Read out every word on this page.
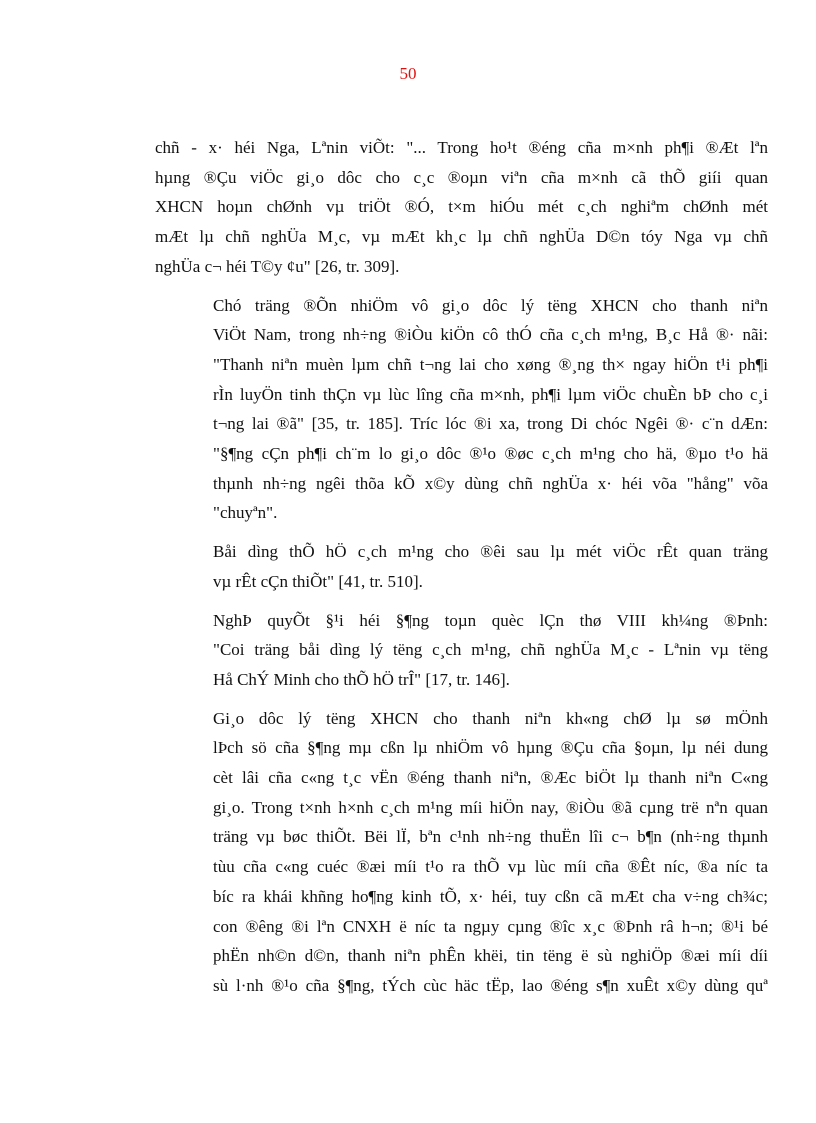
50
chñ - x· héi Nga, Lªnin viÕt: "... Trong ho¹t ®éng cña m×nh ph¶i ®Æt lªn
hµng ®Çu viÖc gi¸o dôc cho c¸c ®oµn viªn cña m×nh cã thÕ giíi quan
XHCN hoµn chØnh vµ triÖt ®Ó, t×m hiÓu mét c¸ch nghiªm chØnh mét
mÆt lµ chñ nghÜa M¸c, vµ mÆt kh¸c lµ chñ nghÜa D©n tóy Nga vµ chñ
nghÜa c¬ héi T©y ¢u" [26, tr. 309].
Chó träng ®Õn nhiÖm vô gi¸o dôc lý tëng XHCN cho thanh niªn
ViÖt Nam, trong nh÷ng ®iÒu kiÖn cô thÓ cña c¸ch m¹ng, B¸c Hå ®· nãi:
"Thanh niªn muèn lµm chñ t¬ng lai cho xøng ®¸ng th× ngay hiÖn t¹i ph¶i
rÌn luyÖn tinh thÇn vµ lùc lîng cña m×nh, ph¶i lµm viÖc chuÈn bÞ cho c¸i
t¬ng lai ®ã" [35, tr. 185]. Tríc lóc ®i xa, trong Di chóc Ngêi ®· c¨n dÆn:
"§¶ng cÇn ph¶i ch¨m lo gi¸o dôc ®¹o ®øc c¸ch m¹ng cho hä, ®µo t¹o hä
thµnh nh÷ng ngêi thõa kÕ x©y dùng chñ nghÜa x· héi võa "hång" võa
"chuyªn".
Båi dìng thÕ hÖ c¸ch m¹ng cho ®êi sau lµ mét viÖc rÊt quan träng
vµ rÊt cÇn thiÕt" [41, tr. 510].
NghÞ quyÕt §¹i héi §¶ng toµn quèc lÇn thø VIII kh¼ng ®Þnh:
"Coi träng båi dìng lý tëng c¸ch m¹ng, chñ nghÜa M¸c - Lªnin vµ tëng
Hå ChÝ Minh cho thÕ hÖ trÎ" [17, tr. 146].
Gi¸o dôc lý tëng XHCN cho thanh niªn kh«ng chØ lµ sø mÖnh
lÞch sö cña §¶ng mµ cßn lµ nhiÖm vô hµng ®Çu cña §oµn, lµ néi dung
cèt lâi cña c«ng t¸c vËn ®éng thanh niªn, ®Æc biÖt lµ thanh niªn C«ng
gi¸o. Trong t×nh h×nh c¸ch m¹ng míi hiÖn nay, ®iÒu ®ã cµng trë nªn quan
träng vµ bøc thiÕt. Bëi lÏ, bªn c¹nh nh÷ng thuËn lîi c¬ b¶n (nh÷ng thµnh
tùu cña c«ng cuéc ®æi míi t¹o ra thÕ vµ lùc míi cña ®Êt níc, ®a níc ta
bíc ra khái khñng ho¶ng kinh tÕ, x· héi, tuy cßn cã mÆt cha v÷ng ch¾c;
con ®êng ®i lªn CNXH ë níc ta ngµy cµng ®îc x¸c ®Þnh râ h¬n; ®¹i bé
phËn nh©n d©n, thanh niªn phÊn khëi, tin tëng ë sù nghiÖp ®æi míi díi
sù l·nh ®¹o cña §¶ng, tÝch cùc häc tËp, lao ®éng s¶n xuÊt x©y dùng quª
